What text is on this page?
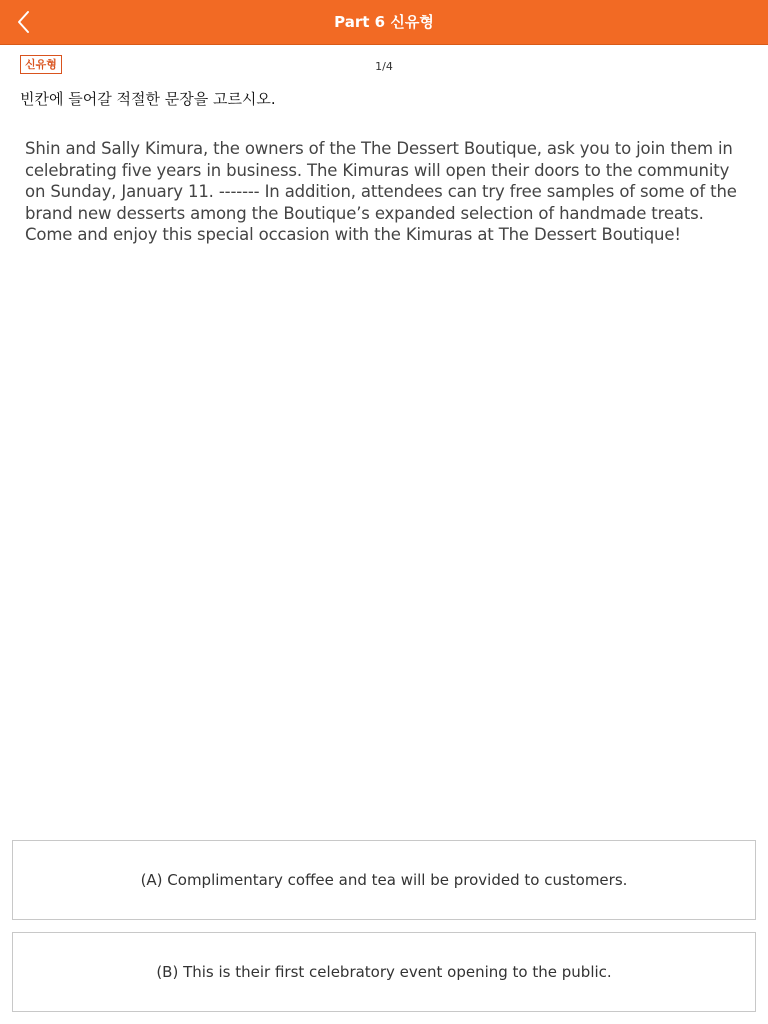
Part 6 신유형
신유형	1/4
빈칸에 들어갈 적절한 문장을 고르시오.
Shin and Sally Kimura, the owners of the The Dessert Boutique, ask you to join them in celebrating five years in business. The Kimuras will open their doors to the community on Sunday, January 11. ------- In addition, attendees can try free samples of some of the brand new desserts among the Boutique’s expanded selection of handmade treats. Come and enjoy this special occasion with the Kimuras at The Dessert Boutique!
(A) Complimentary coffee and tea will be provided to customers.
(B) This is their first celebratory event opening to the public.
